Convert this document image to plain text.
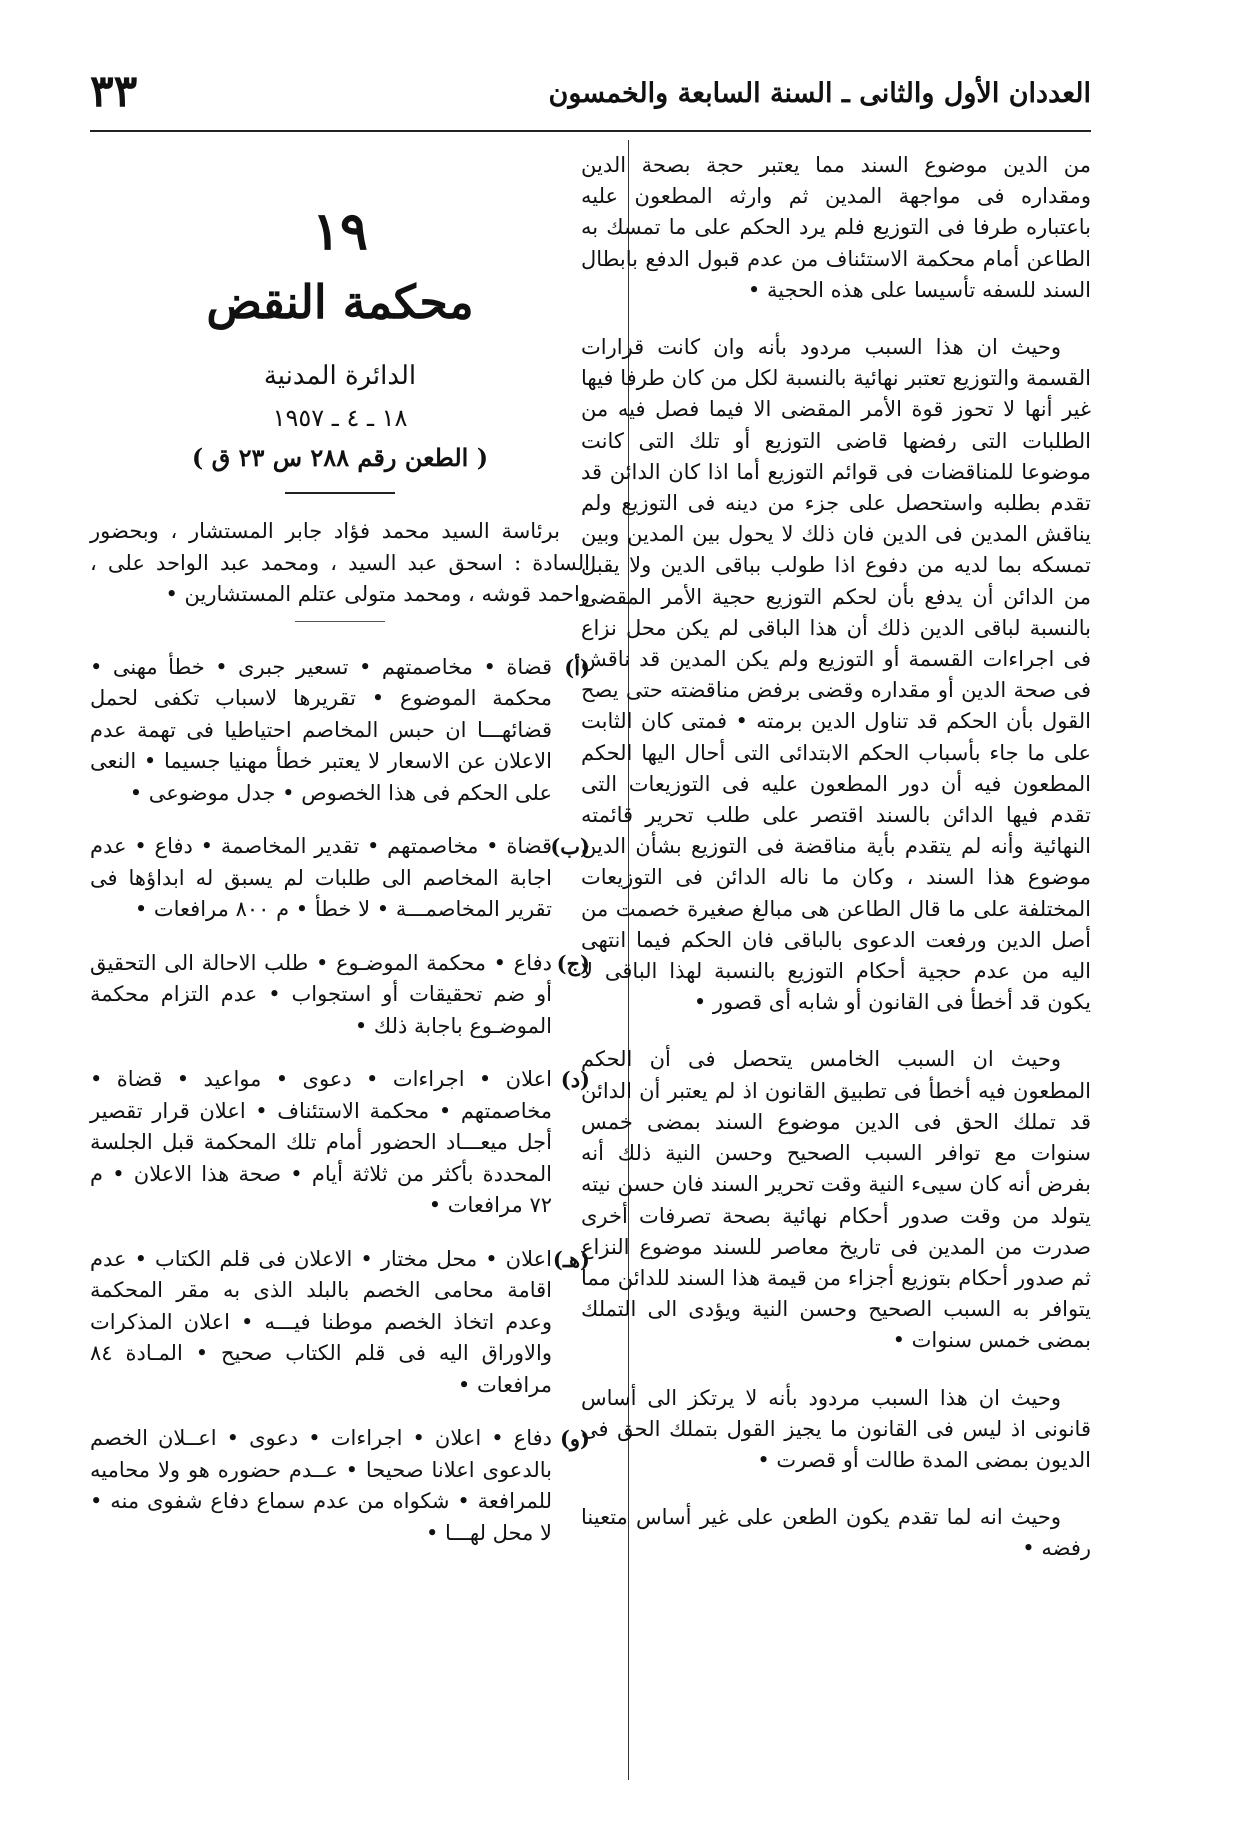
٣٣	العددان الأول والثانى ـ السنة السابعة والخمسون

من الدين موضوع السند مما يعتبر حجة بصحة الدين ومقداره فى مواجهة المدين ثم وارثه المطعون عليه باعتباره طرفا فى التوزيع فلم يرد الحكم على ما تمسك به الطاعن أمام محكمة الاستئناف من عدم قبول الدفع بابطال السند للسفه تأسيسا على هذه الحجية •

وحيث ان هذا السبب مردود بأنه وان كانت قرارات القسمة والتوزيع تعتبر نهائية بالنسبة لكل من كان طرفا فيها غير أنها لا تحوز قوة الأمر المقضى الا فيما فصل فيه من الطلبات التى رفضها قاضى التوزيع أو تلك التى كانت موضوعا للمناقضات فى قوائم التوزيع أما اذا كان الدائن قد تقدم بطلبه واستحصل على جزء من دينه فى التوزيع ولم يناقش المدين فى الدين فان ذلك لا يحول بين المدين وبين تمسكه بما لديه من دفوع اذا طولب بباقى الدين ولا يقبل من الدائن أن يدفع بأن لحكم التوزيع حجية الأمر المقضى بالنسبة لباقى الدين ذلك أن هذا الباقى لم يكن محل نزاع فى اجراءات القسمة أو التوزيع ولم يكن المدين قد ناقش فى صحة الدين أو مقداره وقضى برفض مناقضته حتى يصح القول بأن الحكم قد تناول الدين برمته • فمتى كان الثابت على ما جاء بأسباب الحكم الابتدائى التى أحال اليها الحكم المطعون فيه أن دور المطعون عليه فى التوزيعات التى تقدم فيها الدائن بالسند اقتصر على طلب تحرير قائمته النهائية وأنه لم يتقدم بأية مناقضة فى التوزيع بشأن الدين موضوع هذا السند ، وكان ما ناله الدائن فى التوزيعات المختلفة على ما قال الطاعن هى مبالغ صغيرة خصمت من أصل الدين ورفعت الدعوى بالباقى فان الحكم فيما انتهى اليه من عدم حجية أحكام التوزيع بالنسبة لهذا الباقى لا يكون قد أخطأ فى القانون أو شابه أى قصور •

وحيث ان السبب الخامس يتحصل فى أن الحكم المطعون فيه أخطأ فى تطبيق القانون اذ لم يعتبر أن الدائن قد تملك الحق فى الدين موضوع السند بمضى خمس سنوات مع توافر السبب الصحيح وحسن النية ذلك أنه بفرض أنه كان سيىء النية وقت تحرير السند فان حسن نيته يتولد من وقت صدور أحكام نهائية بصحة تصرفات أخرى صدرت من المدين فى تاريخ معاصر للسند موضوع النزاع ثم صدور أحكام بتوزيع أجزاء من قيمة هذا السند للدائن مما يتوافر به السبب الصحيح وحسن النية ويؤدى الى التملك بمضى خمس سنوات •

وحيث ان هذا السبب مردود بأنه لا يرتكز الى أساس قانونى اذ ليس فى القانون ما يجيز القول بتملك الحق فى الديون بمضى المدة طالت أو قصرت •

وحيث انه لما تقدم يكون الطعن على غير أساس متعينا رفضه •

١٩
محكمة النقض
الدائرة المدنية
١٨ ـ ٤ ـ ١٩٥٧
( الطعن رقم ٢٨٨ س ٢٣ ق )

برئاسة السيد محمد فؤاد جابر المستشار ، وبحضور السادة : اسحق عبد السيد ، ومحمد عبد الواحد على ، واحمد قوشه ، ومحمد متولى عتلم المستشارين •

(أ)
قضاة • مخاصمتهم • تسعير جبرى • خطأ مهنى • محكمة الموضوع • تقريرها لاسباب تكفى لحمل قضائهـــا ان حبس المخاصم احتياطيا فى تهمة عدم الاعلان عن الاسعار لا يعتبر خطأ مهنيا جسيما • النعى على الحكم فى هذا الخصوص • جدل موضوعى •
(ب)
قضاة • مخاصمتهم • تقدير المخاصمة • دفاع • عدم اجابة المخاصم الى طلبات لم يسبق له ابداؤها فى تقرير المخاصمـــة • لا خطأ • م ٨٠٠ مرافعات •
(ج)
دفاع • محكمة الموضـوع • طلب الاحالة الى التحقيق أو ضم تحقيقات أو استجواب • عدم التزام محكمة الموضـوع باجابة ذلك •
(د)
اعلان • اجراءات • دعوى • مواعيد • قضاة • مخاصمتهم • محكمة الاستئناف • اعلان قرار تقصير أجل ميعـــاد الحضور أمام تلك المحكمة قبل الجلسة المحددة بأكثر من ثلاثة أيام • صحة هذا الاعلان • م ٧٢ مرافعات •
(هـ)
اعلان • محل مختار • الاعلان فى قلم الكتاب • عدم اقامة محامى الخصم بالبلد الذى به مقر المحكمة وعدم اتخاذ الخصم موطنا فيـــه • اعلان المذكرات والاوراق اليه فى قلم الكتاب صحيح • المـادة ٨٤ مرافعات •
(و)
دفاع • اعلان • اجراءات • دعوى • اعــلان الخصم بالدعوى اعلانا صحيحا • عــدم حضوره هو ولا محاميه للمرافعة • شكواه من عدم سماع دفاع شفوى منه • لا محل لهـــا •
